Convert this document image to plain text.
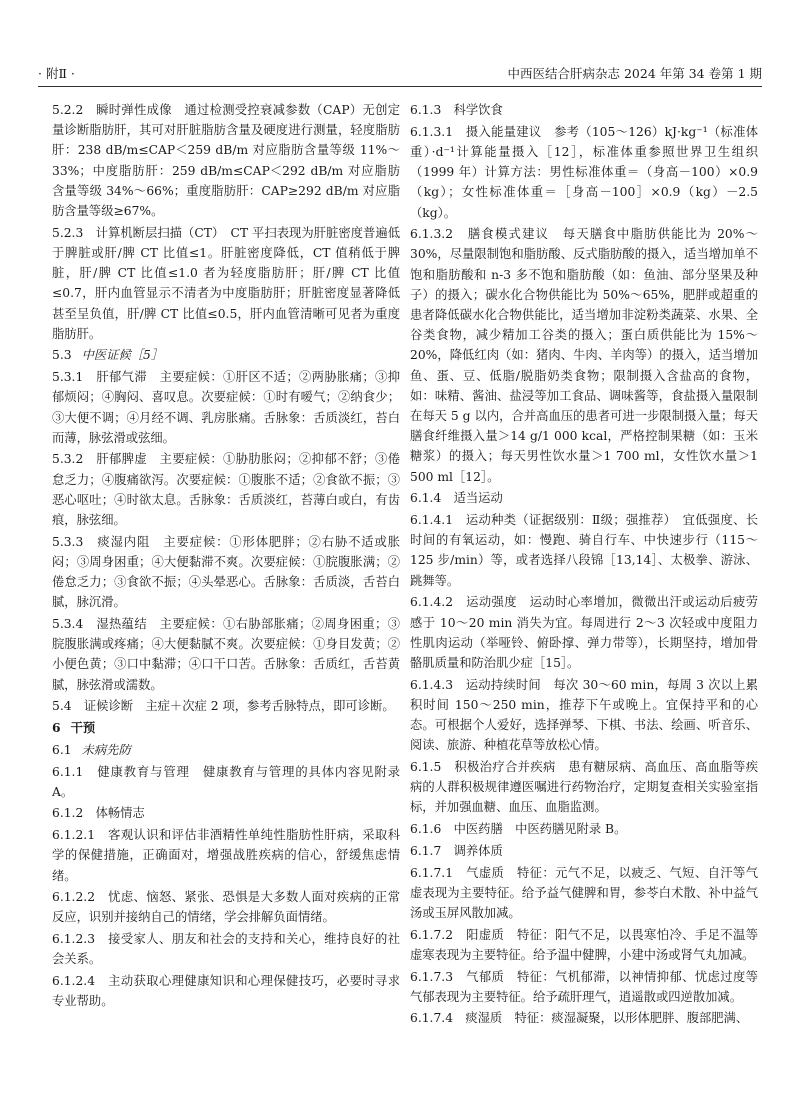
· 附Ⅱ ·	中西医结合肝病杂志 2024 年第 34 卷第 1 期

5.2.2　瞬时弹性成像　通过检测受控衰减参数（CAP）无创定量诊断脂肪肝，其可对肝脏脂肪含量及硬度进行测量，轻度脂肪肝：238 dB/m≤CAP＜259 dB/m 对应脂肪含量等级 11%～33%；中度脂肪肝：259 dB/m≤CAP＜292 dB/m 对应脂肪含量等级 34%～66%；重度脂肪肝：CAP≥292 dB/m 对应脂肪含量等级≥67%。

5.2.3　计算机断层扫描（CT）　CT 平扫表现为肝脏密度普遍低于脾脏或肝/脾 CT 比值≤1。肝脏密度降低，CT 值稍低于脾脏，肝/脾 CT 比值≤1.0 者为轻度脂肪肝；肝/脾 CT 比值≤0.7，肝内血管显示不清者为中度脂肪肝；肝脏密度显著降低甚至呈负值，肝/脾 CT 比值≤0.5，肝内血管清晰可见者为重度脂肪肝。

5.3 中医证候［5］

5.3.1　肝郁气滞　主要症候：①肝区不适；②两胁胀痛；③抑郁烦闷；④胸闷、喜叹息。次要症候：①时有嗳气；②纳食少；③大便不调；④月经不调、乳房胀痛。舌脉象：舌质淡红，苔白而薄，脉弦滑或弦细。

5.3.2　肝郁脾虚　主要症候：①胁肋胀闷；②抑郁不舒；③倦怠乏力；④腹痛欲泻。次要症候：①腹胀不适；②食欲不振；③恶心呕吐；④时欲太息。舌脉象：舌质淡红，苔薄白或白，有齿痕，脉弦细。

5.3.3　痰湿内阻　主要症候：①形体肥胖；②右胁不适或胀闷；③周身困重；④大便黏滞不爽。次要症候：①脘腹胀满；②倦怠乏力；③食欲不振；④头晕恶心。舌脉象：舌质淡，舌苔白腻，脉沉滑。

5.3.4　湿热蕴结　主要症候：①右胁部胀痛；②周身困重；③脘腹胀满或疼痛；④大便黏腻不爽。次要症候：①身目发黄；②小便色黄；③口中黏滞；④口干口苦。舌脉象：舌质红，舌苔黄腻，脉弦滑或濡数。

5.4　证候诊断　主症＋次症 2 项，参考舌脉特点，即可诊断。

6 干预
6.1 未病先防

6.1.1　健康教育与管理　健康教育与管理的具体内容见附录 A。

6.1.2　体畅情志

6.1.2.1　客观认识和评估非酒精性单纯性脂肪性肝病，采取科学的保健措施，正确面对，增强战胜疾病的信心，舒缓焦虑情绪。

6.1.2.2　忧虑、恼怒、紧张、恐惧是大多数人面对疾病的正常反应，识别并接纳自己的情绪，学会排解负面情绪。

6.1.2.3　接受家人、朋友和社会的支持和关心，维持良好的社会关系。

6.1.2.4　主动获取心理健康知识和心理保健技巧，必要时寻求专业帮助。

6.1.3　科学饮食

6.1.3.1　摄入能量建议　参考（105～126）kJ·kg⁻¹（标准体重）·d⁻¹计算能量摄入［12］，标准体重参照世界卫生组织（1999 年）计算方法：男性标准体重＝（身高－100）×0.9（kg）；女性标准体重＝［身高－100］×0.9（kg）－2.5（kg）。

6.1.3.2　膳食模式建议　每天膳食中脂肪供能比为 20%～30%，尽量限制饱和脂肪酸、反式脂肪酸的摄入，适当增加单不饱和脂肪酸和 n-3 多不饱和脂肪酸（如：鱼油、部分坚果及种子）的摄入；碳水化合物供能比为 50%～65%，肥胖或超重的患者降低碳水化合物供能比，适当增加非淀粉类蔬菜、水果、全谷类食物，减少精加工谷类的摄入；蛋白质供能比为 15%～20%，降低红肉（如：猪肉、牛肉、羊肉等）的摄入，适当增加鱼、蛋、豆、低脂/脱脂奶类食物；限制摄入含盐高的食物，如：味精、酱油、盐浸等加工食品、调味酱等，食盐摄入量限制在每天 5 g 以内，合并高血压的患者可进一步限制摄入量；每天膳食纤维摄入量＞14 g/1 000 kcal，严格控制果糖（如：玉米糖浆）的摄入；每天男性饮水量＞1 700 ml，女性饮水量＞1 500 ml［12］。

6.1.4　适当运动

6.1.4.1　运动种类（证据级别：Ⅱ级；强推荐）　宜低强度、长时间的有氧运动，如：慢跑、骑自行车、中快速步行（115～125 步/min）等，或者选择八段锦［13,14］、太极拳、游泳、跳舞等。

6.1.4.2　运动强度　运动时心率增加，微微出汗或运动后疲劳感于 10～20 min 消失为宜。每周进行 2～3 次轻或中度阻力性肌肉运动（举哑铃、俯卧撑、弹力带等），长期坚持，增加骨骼肌质量和防治肌少症［15］。

6.1.4.3　运动持续时间　每次 30～60 min，每周 3 次以上累积时间 150～250 min，推荐下午或晚上。宜保持平和的心态。可根据个人爱好，选择弹琴、下棋、书法、绘画、听音乐、阅读、旅游、种植花草等放松心情。

6.1.5　积极治疗合并疾病　患有糖尿病、高血压、高血脂等疾病的人群积极规律遵医嘱进行药物治疗，定期复查相关实验室指标，并加强血糖、血压、血脂监测。

6.1.6　中医药膳　中医药膳见附录 B。

6.1.7　调养体质

6.1.7.1　气虚质　特征：元气不足，以疲乏、气短、自汗等气虚表现为主要特征。给予益气健脾和胃，参苓白术散、补中益气汤或玉屏风散加减。

6.1.7.2　阳虚质　特征：阳气不足，以畏寒怕冷、手足不温等虚寒表现为主要特征。给予温中健脾，小建中汤或肾气丸加减。

6.1.7.3　气郁质　特征：气机郁滞，以神情抑郁、忧虑过度等气郁表现为主要特征。给予疏肝理气，逍遥散或四逆散加减。

6.1.7.4　痰湿质　特征：痰湿凝聚，以形体肥胖、腹部肥满、
